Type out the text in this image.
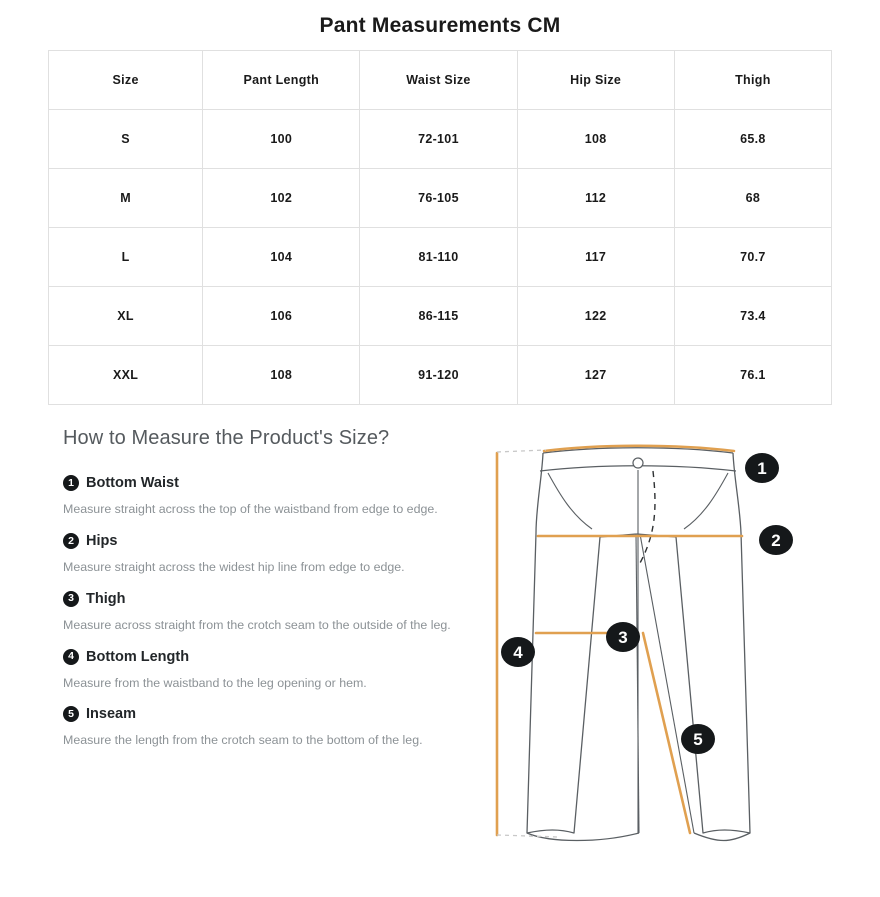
Pant Measurements CM
Size	Pant Length	Waist Size	Hip Size	Thigh
S	100	72-101	108	65.8
M	102	76-105	112	68
L	104	81-110	117	70.7
XL	106	86-115	122	73.4
XXL	108	91-120	127	76.1
How to Measure the Product's Size?
1 Bottom Waist
Measure straight across the top of the waistband from edge to edge.
2 Hips
Measure straight across the widest hip line from edge to edge.
3 Thigh
Measure across straight from the crotch seam to the outside of the leg.
4 Bottom Length
Measure from the waistband to the leg opening or hem.
5 Inseam
Measure the length from the crotch seam to the bottom of the leg.
1
2
3
4
5
